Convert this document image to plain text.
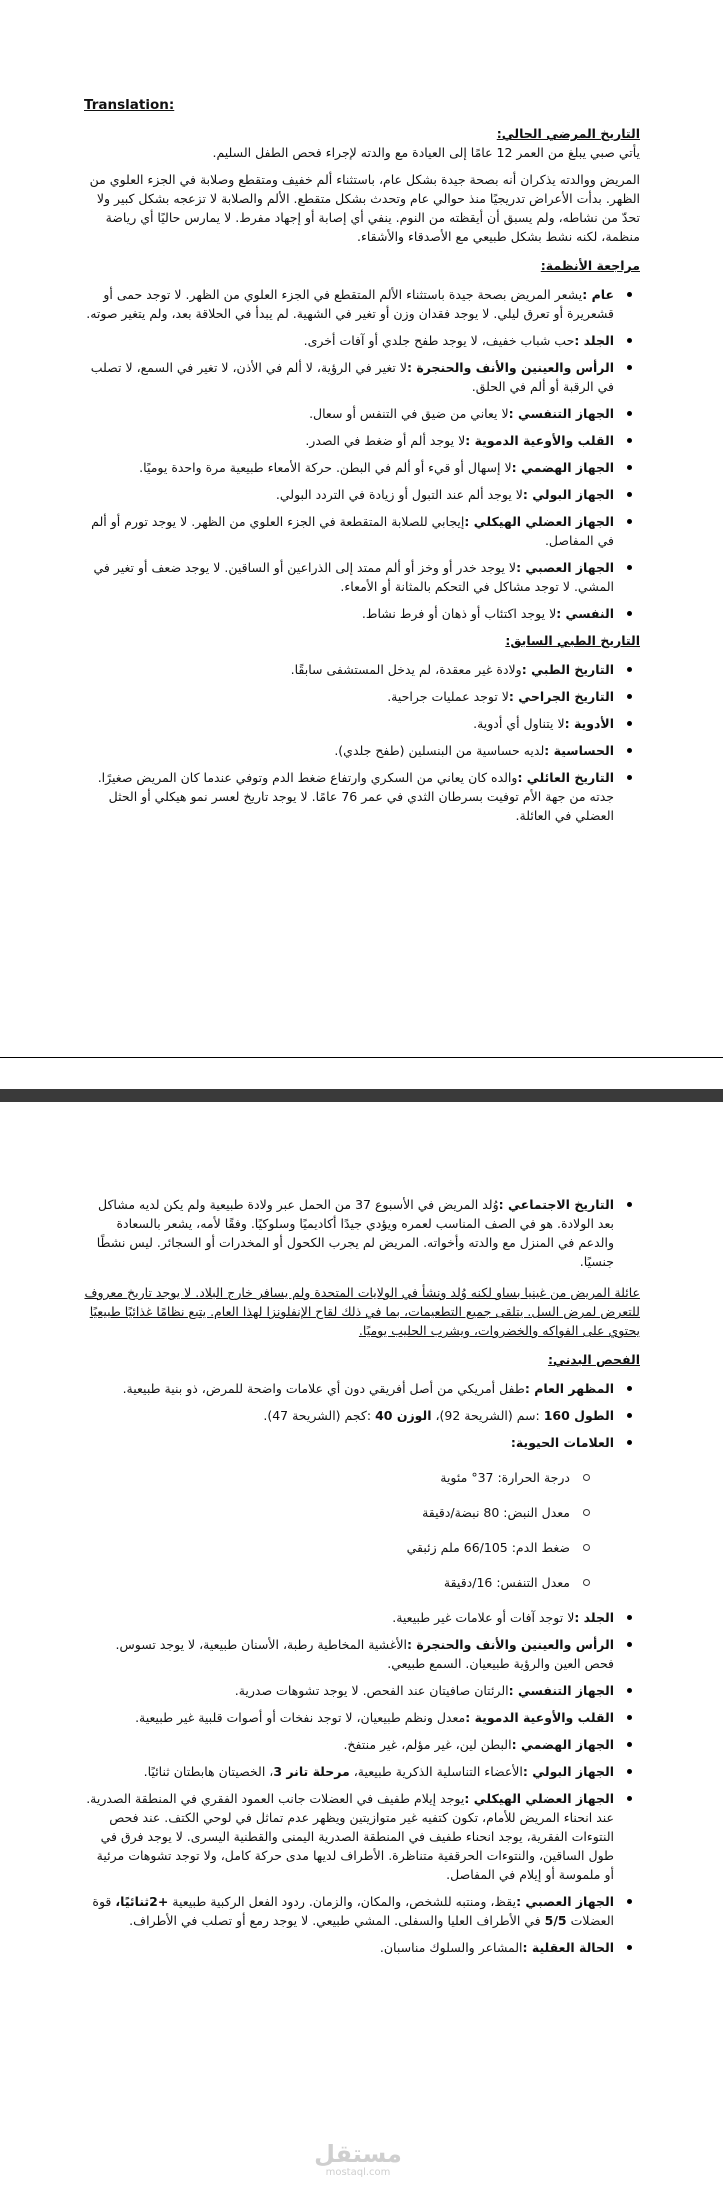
Translation:

التاريخ المرضي الحالي:

يأتي صبي يبلغ من العمر 12 عامًا إلى العيادة مع والدته لإجراء فحص الطفل السليم.

المريض ووالدته يذكران أنه بصحة جيدة بشكل عام، باستثناء ألم خفيف ومتقطع وصلابة في الجزء العلوي من الظهر. بدأت الأعراض تدريجيًا منذ حوالي عام وتحدث بشكل متقطع. الألم والصلابة لا تزعجه بشكل كبير ولا تحدّ من نشاطه، ولم يسبق أن أيقظته من النوم. ينفي أي إصابة أو إجهاد مفرط. لا يمارس حاليًا أي رياضة منظمة، لكنه نشط بشكل طبيعي مع الأصدقاء والأشقاء.

مراجعة الأنظمة:

عام :يشعر المريض بصحة جيدة باستثناء الألم المتقطع في الجزء العلوي من الظهر. لا توجد حمى أو قشعريرة أو تعرق ليلي. لا يوجد فقدان وزن أو تغير في الشهية. لم يبدأ في الحلاقة بعد، ولم يتغير صوته.
الجلد :حب شباب خفيف، لا يوجد طفح جلدي أو آفات أخرى.
الرأس والعينين والأنف والحنجرة :لا تغير في الرؤية، لا ألم في الأذن، لا تغير في السمع، لا تصلب في الرقبة أو ألم في الحلق.
الجهاز التنفسي :لا يعاني من ضيق في التنفس أو سعال.
القلب والأوعية الدموية :لا يوجد ألم أو ضغط في الصدر.
الجهاز الهضمي :لا إسهال أو قيء أو ألم في البطن. حركة الأمعاء طبيعية مرة واحدة يوميًا.
الجهاز البولي :لا يوجد ألم عند التبول أو زيادة في التردد البولي.
الجهاز العضلي الهيكلي :إيجابي للصلابة المتقطعة في الجزء العلوي من الظهر. لا يوجد تورم أو ألم في المفاصل.
الجهاز العصبي :لا يوجد خدر أو وخز أو ألم ممتد إلى الذراعين أو الساقين. لا يوجد ضعف أو تغير في المشي. لا توجد مشاكل في التحكم بالمثانة أو الأمعاء.
النفسي :لا يوجد اكتئاب أو ذهان أو فرط نشاط.

التاريخ الطبي السابق:

التاريخ الطبي :ولادة غير معقدة، لم يدخل المستشفى سابقًا.
التاريخ الجراحي :لا توجد عمليات جراحية.
الأدوية :لا يتناول أي أدوية.
الحساسية :لديه حساسية من البنسلين (طفح جلدي).
التاريخ العائلي :والده كان يعاني من السكري وارتفاع ضغط الدم وتوفي عندما كان المريض صغيرًا. جدته من جهة الأم توفيت بسرطان الثدي في عمر 76 عامًا. لا يوجد تاريخ لعسر نمو هيكلي أو الحثل العضلي في العائلة.
التاريخ الاجتماعي :وُلد المريض في الأسبوع 37 من الحمل عبر ولادة طبيعية ولم يكن لديه مشاكل بعد الولادة. هو في الصف المناسب لعمره ويؤدي جيدًا أكاديميًا وسلوكيًا. وفقًا لأمه، يشعر بالسعادة والدعم في المنزل مع والدته وأخواته. المريض لم يجرب الكحول أو المخدرات أو السجائر. ليس نشطًا جنسيًا.

عائلة المريض من غينيا بساو لكنه وُلد ونشأ في الولايات المتحدة ولم يسافر خارج البلاد. لا يوجد تاريخ معروف للتعرض لمرض السل. يتلقى جميع التطعيمات، بما في ذلك لقاح الإنفلونزا لهذا العام. يتبع نظامًا غذائيًا طبيعيًا يحتوي على الفواكه والخضروات، ويشرب الحليب يوميًا.

الفحص البدني:

المظهر العام :طفل أمريكي من أصل أفريقي دون أي علامات واضحة للمرض، ذو بنية طبيعية.
الطول 160 :سم (الشريحة 92)، الوزن 40 :كجم (الشريحة 47).
العلامات الحيوية:
درجة الحرارة: 37° مئوية
معدل النبض: 80 نبضة/دقيقة
ضغط الدم: 66/105 ملم زئبقي
معدل التنفس: 16/دقيقة
الجلد :لا توجد آفات أو علامات غير طبيعية.
الرأس والعينين والأنف والحنجرة :الأغشية المخاطية رطبة، الأسنان طبيعية، لا يوجد تسوس. فحص العين والرؤية طبيعيان. السمع طبيعي.
الجهاز التنفسي :الرئتان صافيتان عند الفحص. لا يوجد تشوهات صدرية.
القلب والأوعية الدموية :معدل ونظم طبيعيان، لا توجد نفخات أو أصوات قلبية غير طبيعية.
الجهاز الهضمي :البطن لين، غير مؤلم، غير منتفخ.
الجهاز البولي :الأعضاء التناسلية الذكرية طبيعية، مرحلة تانر 3، الخصيتان هابطتان ثنائيًا.
الجهاز العضلي الهيكلي :يوجد إيلام طفيف في العضلات جانب العمود الفقري في المنطقة الصدرية. عند انحناء المريض للأمام، تكون كتفيه غير متوازيتين ويظهر عدم تماثل في لوحي الكتف. عند فحص النتوءات الفقرية، يوجد انحناء طفيف في المنطقة الصدرية اليمنى والقطنية اليسرى. لا يوجد فرق في طول الساقين، والنتوءات الحرقفية متناظرة. الأطراف لديها مدى حركة كامل، ولا توجد تشوهات مرئية أو ملموسة أو إيلام في المفاصل.
الجهاز العصبي :يقظ، ومنتبه للشخص، والمكان، والزمان. ردود الفعل الركبية طبيعية +2ثنائيًا، قوة العضلات 5/5 في الأطراف العليا والسفلى. المشي طبيعي. لا يوجد رمع أو تصلب في الأطراف.
الحالة العقلية :المشاعر والسلوك مناسبان.
مستقل
mostaql.com
